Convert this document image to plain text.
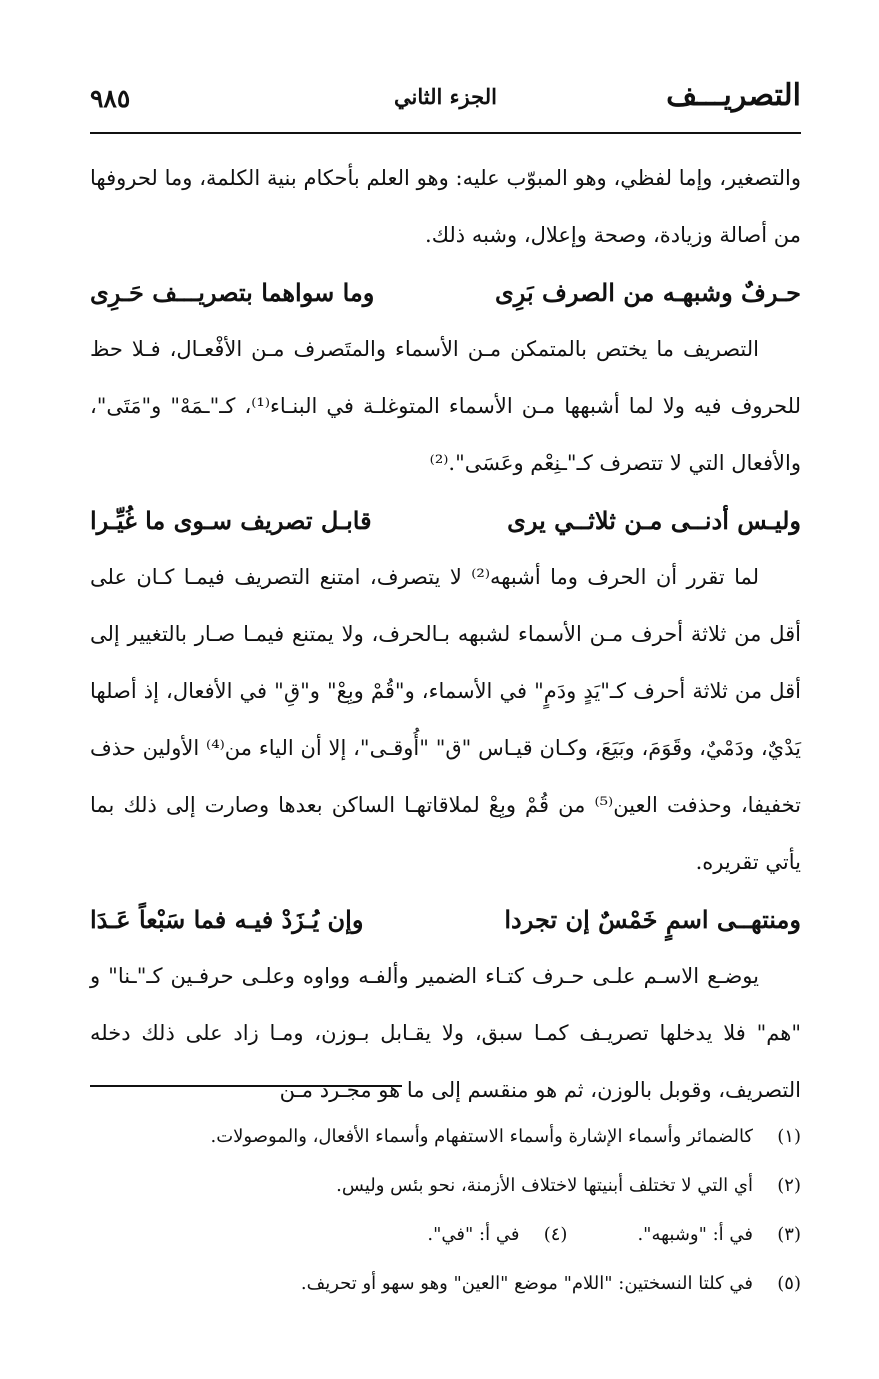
التصريـــف
الجزء الثاني
٩٨٥

والتصغير، وإما لفظي، وهو المبوّب عليه: وهو العلم بأحكام بنية الكلمة، وما لحروفها من أصالة وزيادة، وصحة وإعلال، وشبه ذلك.

حـرفٌ وشبهـه من الصرف بَرِى
وما سواهما بتصريـــف حَـرِى

التصريف ما يختص بالمتمكن مـن الأسماء والمتَصرف مـن الأفْعـال، فـلا حظ للحروف فيه ولا لما أشبهها مـن الأسماء المتوغلـة في البنـاء⁽¹⁾، كـ"ـمَهْ" و"مَتَى"، والأفعال التي لا تتصرف كـ"ـنِعْم وعَسَى".⁽²⁾

وليـس أدنــى مـن ثلاثــي يرى
قابـل تصريف سـوى ما غُيِّـرا

لما تقرر أن الحرف وما أشبهه⁽²⁾ لا يتصرف، امتنع التصريف فيمـا كـان على أقل من ثلاثة أحرف مـن الأسماء لشبهه بـالحرف، ولا يمتنع فيمـا صـار بالتغيير إلى أقل من ثلاثة أحرف كـ"يَدٍ ودَمٍ" في الأسماء، و"قُمْ وبِعْ" و"قِ" في الأفعال، إذ أصلها يَدْيٌ، ودَمْيٌ، وقَوَمَ، وبَيَعَ، وكـان قيـاس "ق" "أُوقـى"، إلا أن الياء من⁽⁴⁾ الأولين حذف تخفيفا، وحذفت العين⁽⁵⁾ من قُمْ وبِعْ لملاقاتهـا الساكن بعدها وصارت إلى ذلك بما يأتي تقريره.

ومنتهــى اسمٍ خَمْسٌ إن تجردا
وإن يُـزَدْ فيـه فما سَبْعاً عَـدَا

يوضـع الاسـم علـى حـرف كتـاء الضمير وألفـه وواوه وعلـى حرفـين كـ"ـنا" و "هم" فلا يدخلها تصريـف كمـا سبق، ولا يقـابل بـوزن، ومـا زاد على ذلك دخله التصريف، وقوبل بالوزن، ثم هو منقسم إلى ما هو مجـرد مـن

(١)
كالضمائر وأسماء الإشارة وأسماء الاستفهام وأسماء الأفعال، والموصولات.
(٢)
أي التي لا تختلف أبنيتها لاختلاف الأزمنة، نحو بئس وليس.
(٣)
في أ: "وشبهه".
(٤)
في أ: "في".
(٥)
في كلتا النسختين: "اللام" موضع "العين" وهو سهو أو تحريف.
